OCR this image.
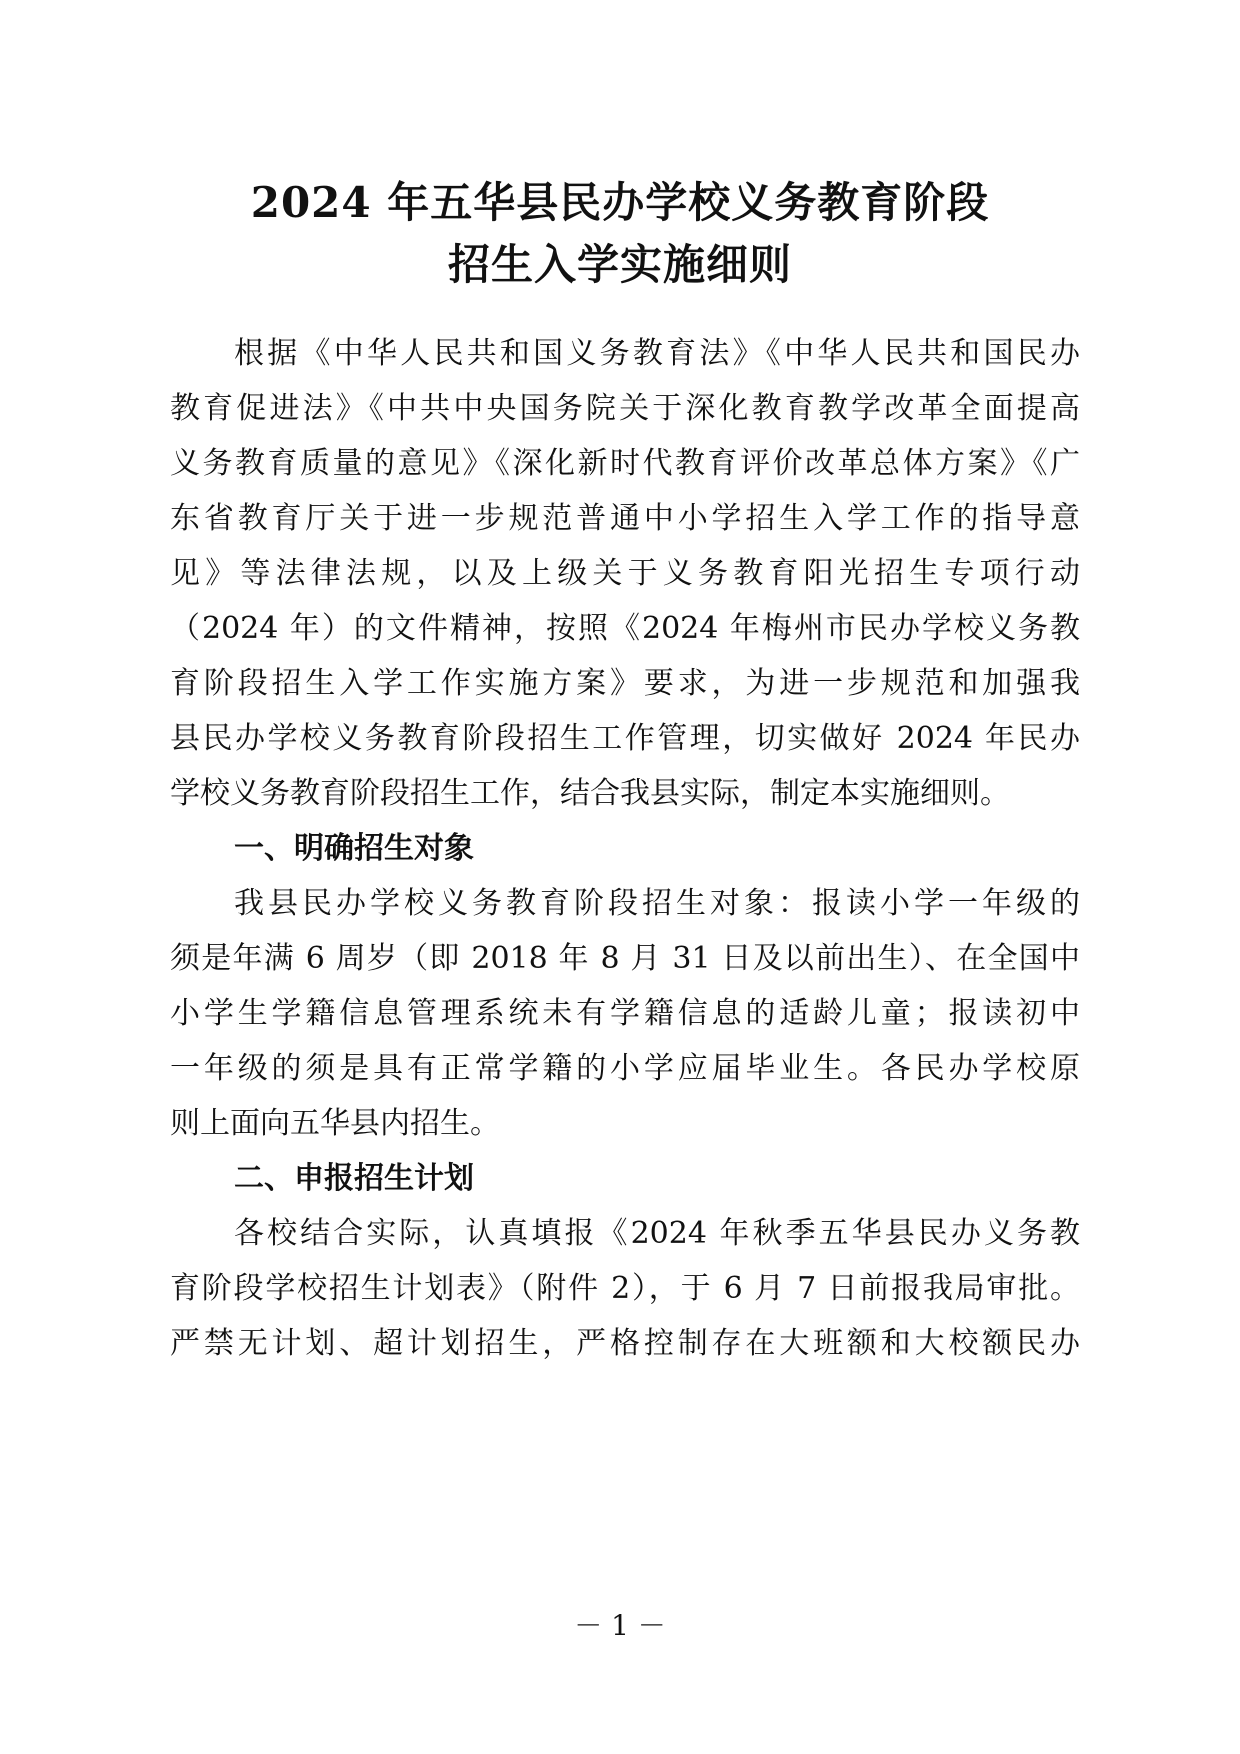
2024 年五华县民办学校义务教育阶段
招生入学实施细则
根据《中华人民共和国义务教育法》《中华人民共和国民办
教育促进法》《中共中央国务院关于深化教育教学改革全面提高
义务教育质量的意见》《深化新时代教育评价改革总体方案》《广
东省教育厅关于进一步规范普通中小学招生入学工作的指导意
见》等法律法规，以及上级关于义务教育阳光招生专项行动
（2024 年）的文件精神，按照《2024 年梅州市民办学校义务教
育阶段招生入学工作实施方案》要求，为进一步规范和加强我
县民办学校义务教育阶段招生工作管理，切实做好 2024 年民办
学校义务教育阶段招生工作，结合我县实际，制定本实施细则。
一、明确招生对象
我县民办学校义务教育阶段招生对象：报读小学一年级的
须是年满 6 周岁（即 2018 年 8 月 31 日及以前出生）、在全国中
小学生学籍信息管理系统未有学籍信息的适龄儿童；报读初中
一年级的须是具有正常学籍的小学应届毕业生。各民办学校原
则上面向五华县内招生。
二、申报招生计划
各校结合实际，认真填报《2024 年秋季五华县民办义务教
育阶段学校招生计划表》（附件 2），于 6 月 7 日前报我局审批。
严禁无计划、超计划招生，严格控制存在大班额和大校额民办
－ 1 －
